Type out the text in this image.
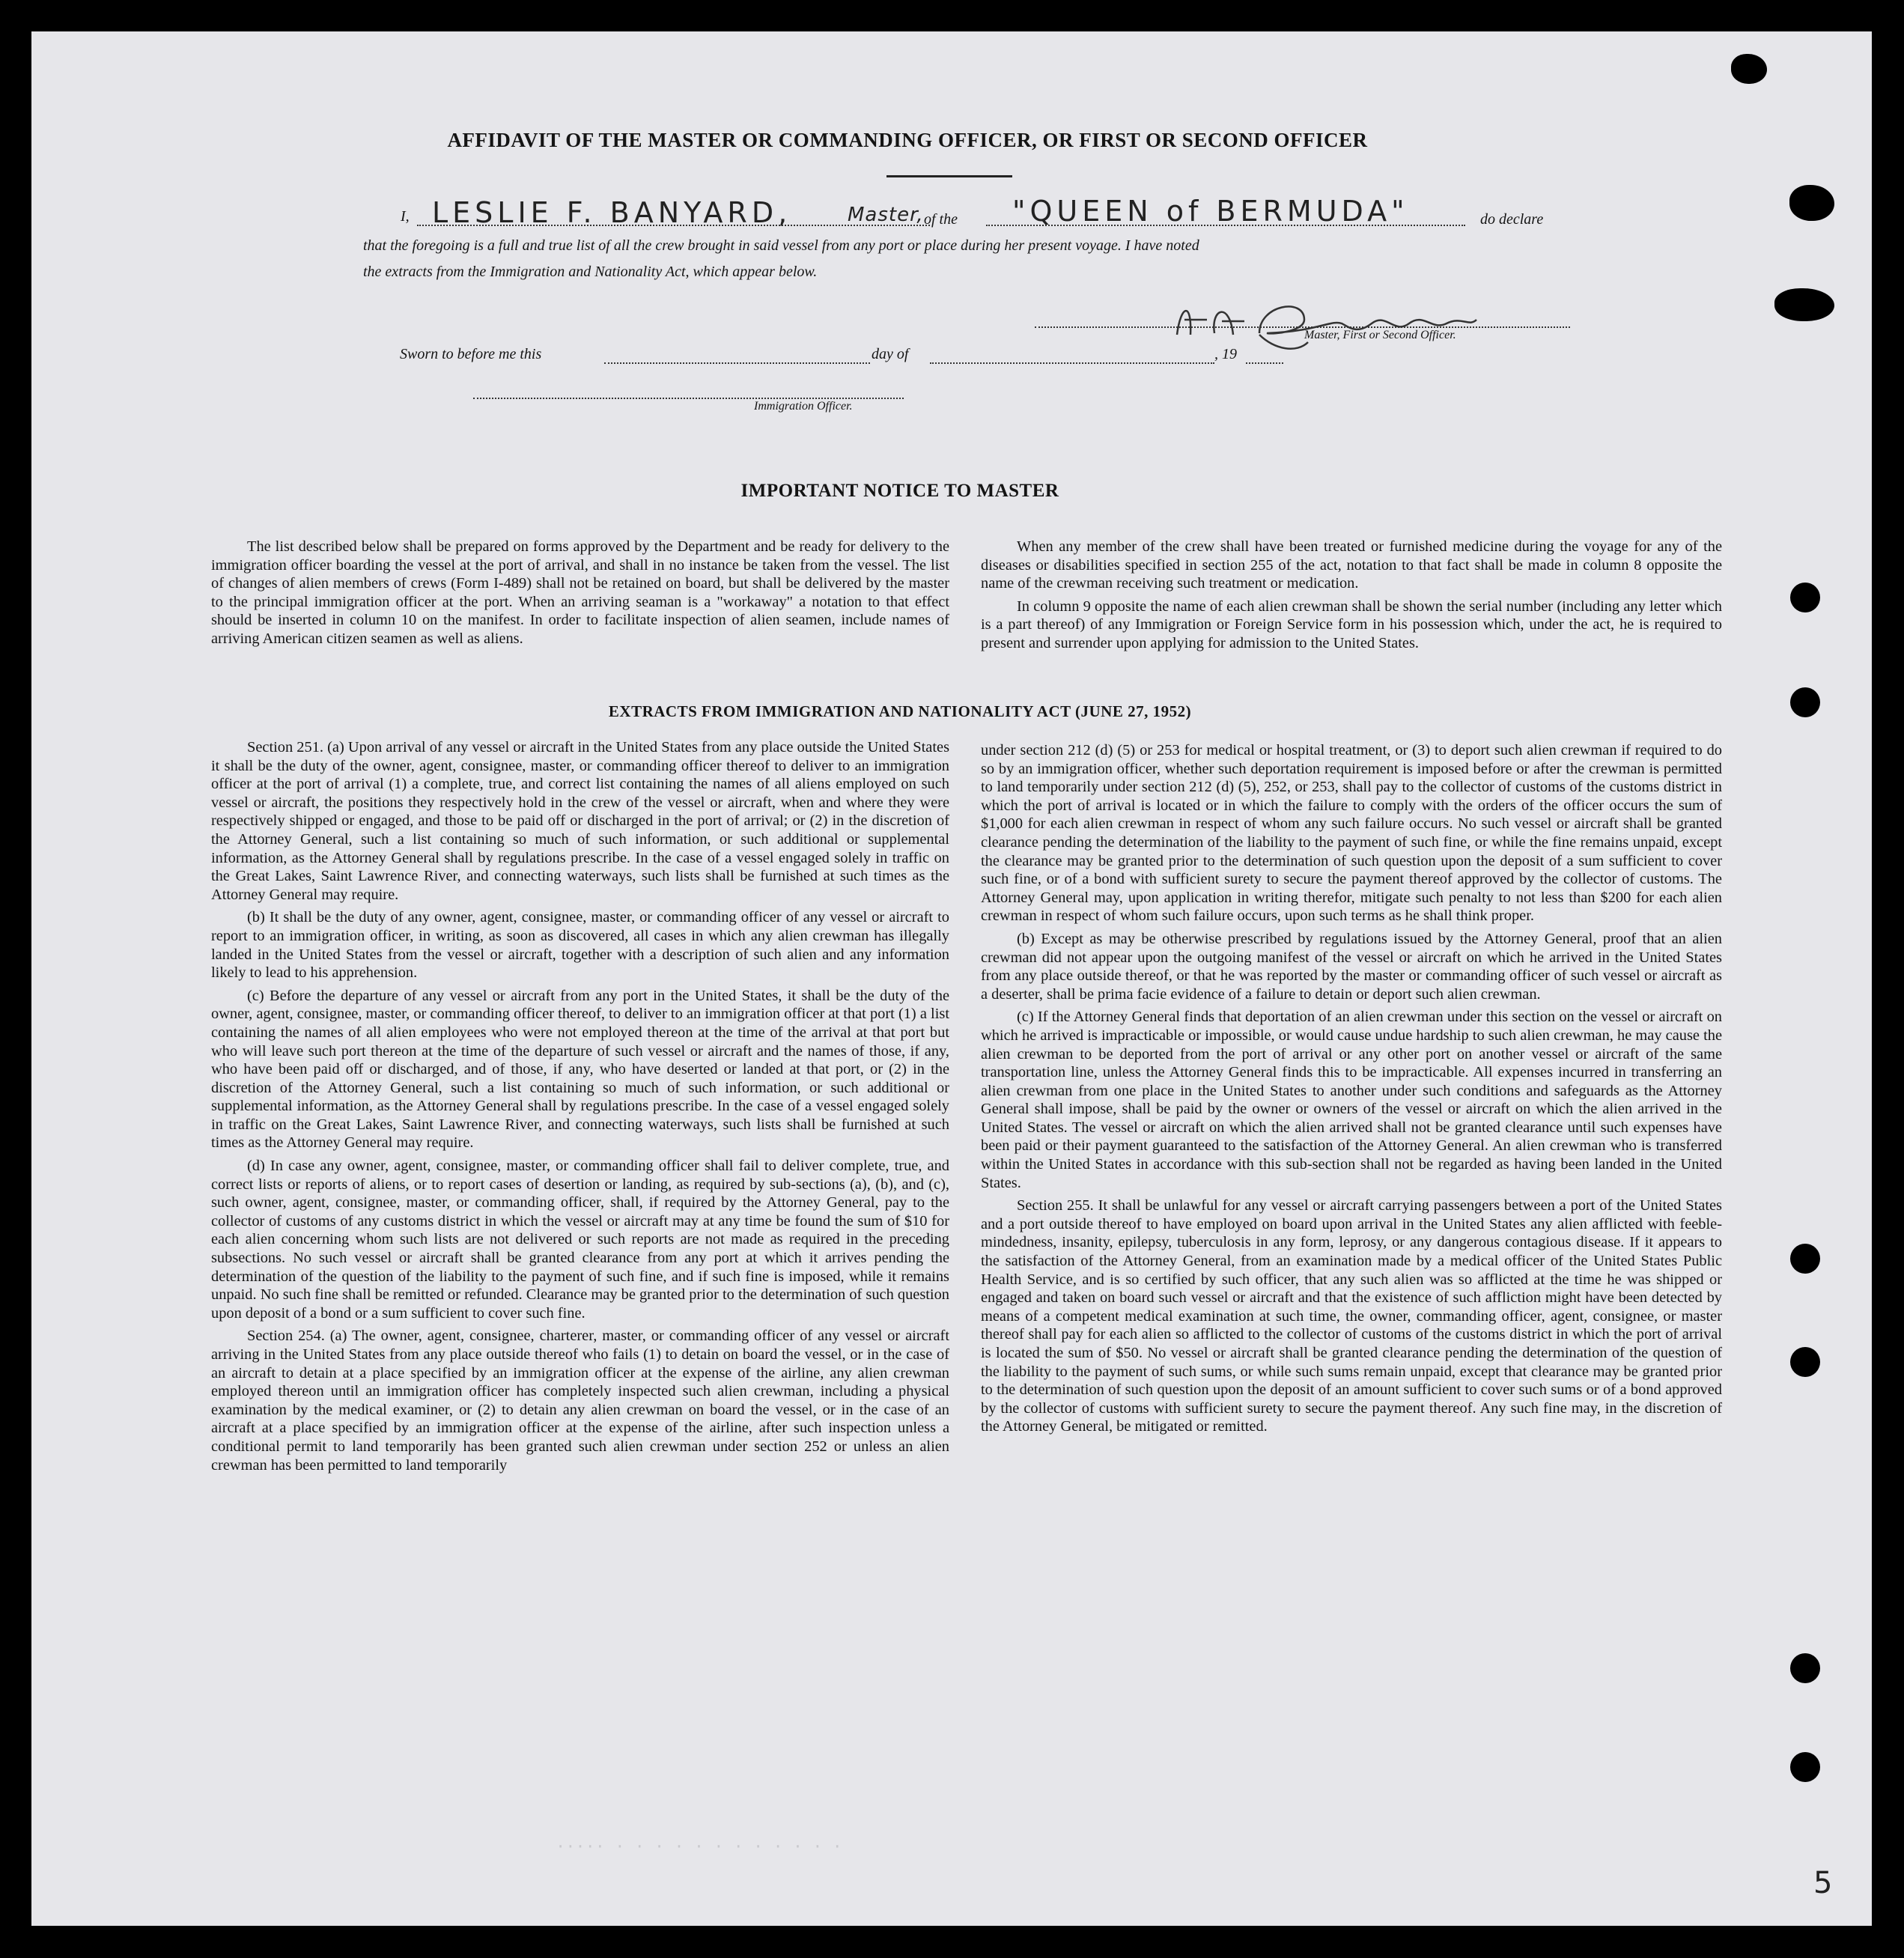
····· · · · · · · · · · · · ·
AFFIDAVIT OF THE MASTER OR COMMANDING OFFICER, OR FIRST OR SECOND OFFICER
I, LESLIE F. BANYARD,	Master, of the "QUEEN of BERMUDA"	do declare
that the foregoing is a full and true list of all the crew brought in said vessel from any port or place during her present voyage. I have noted
the extracts from the Immigration and Nationality Act, which appear below.
Master, First or Second Officer.
Sworn to before me this	day of	, 19
Immigration Officer.
IMPORTANT NOTICE TO MASTER

The list described below shall be prepared on forms approved by the Department and be ready for delivery to the immigration officer boarding the vessel at the port of arrival, and shall in no instance be taken from the vessel. The list of changes of alien members of crews (Form I-489) shall not be retained on board, but shall be delivered by the master to the principal immigration officer at the port. When an arriving seaman is a "workaway" a notation to that effect should be inserted in column 10 on the manifest. In order to facilitate inspection of alien seamen, include names of arriving American citizen seamen as well as aliens.

When any member of the crew shall have been treated or furnished medicine during the voyage for any of the diseases or disabilities specified in section 255 of the act, notation to that fact shall be made in column 8 opposite the name of the crewman receiving such treatment or medication.

In column 9 opposite the name of each alien crewman shall be shown the serial number (including any letter which is a part thereof) of any Immigration or Foreign Service form in his possession which, under the act, he is required to present and surrender upon applying for admission to the United States.

EXTRACTS FROM IMMIGRATION AND NATIONALITY ACT (JUNE 27, 1952)

Section 251. (a) Upon arrival of any vessel or aircraft in the United States from any place outside the United States it shall be the duty of the owner, agent, consignee, master, or commanding officer thereof to deliver to an immigration officer at the port of arrival (1) a complete, true, and correct list containing the names of all aliens employed on such vessel or aircraft, the positions they respectively hold in the crew of the vessel or aircraft, when and where they were respectively shipped or engaged, and those to be paid off or discharged in the port of arrival; or (2) in the discretion of the Attorney General, such a list containing so much of such information, or such additional or supplemental information, as the Attorney General shall by regulations prescribe. In the case of a vessel engaged solely in traffic on the Great Lakes, Saint Lawrence River, and connecting waterways, such lists shall be furnished at such times as the Attorney General may require.

(b) It shall be the duty of any owner, agent, consignee, master, or commanding officer of any vessel or aircraft to report to an immigration officer, in writing, as soon as discovered, all cases in which any alien crewman has illegally landed in the United States from the vessel or aircraft, together with a description of such alien and any information likely to lead to his apprehension.

(c) Before the departure of any vessel or aircraft from any port in the United States, it shall be the duty of the owner, agent, consignee, master, or commanding officer thereof, to deliver to an immigration officer at that port (1) a list containing the names of all alien employees who were not employed thereon at the time of the arrival at that port but who will leave such port thereon at the time of the departure of such vessel or aircraft and the names of those, if any, who have been paid off or discharged, and of those, if any, who have deserted or landed at that port, or (2) in the discretion of the Attorney General, such a list containing so much of such information, or such additional or supplemental information, as the Attorney General shall by regulations prescribe. In the case of a vessel engaged solely in traffic on the Great Lakes, Saint Lawrence River, and connecting waterways, such lists shall be furnished at such times as the Attorney General may require.

(d) In case any owner, agent, consignee, master, or commanding officer shall fail to deliver complete, true, and correct lists or reports of aliens, or to report cases of desertion or landing, as required by sub-sections (a), (b), and (c), such owner, agent, consignee, master, or commanding officer, shall, if required by the Attorney General, pay to the collector of customs of any customs district in which the vessel or aircraft may at any time be found the sum of $10 for each alien concerning whom such lists are not delivered or such reports are not made as required in the preceding subsections. No such vessel or aircraft shall be granted clearance from any port at which it arrives pending the determination of the question of the liability to the payment of such fine, and if such fine is imposed, while it remains unpaid. No such fine shall be remitted or refunded. Clearance may be granted prior to the determination of such question upon deposit of a bond or a sum sufficient to cover such fine.

Section 254. (a) The owner, agent, consignee, charterer, master, or commanding officer of any vessel or aircraft arriving in the United States from any place outside thereof who fails (1) to detain on board the vessel, or in the case of an aircraft to detain at a place specified by an immigration officer at the expense of the airline, any alien crewman employed thereon until an immigration officer has completely inspected such alien crewman, including a physical examination by the medical examiner, or (2) to detain any alien crewman on board the vessel, or in the case of an aircraft at a place specified by an immigration officer at the expense of the airline, after such inspection unless a conditional permit to land temporarily has been granted such alien crewman under section 252 or unless an alien crewman has been permitted to land temporarily

under section 212 (d) (5) or 253 for medical or hospital treatment, or (3) to deport such alien crewman if required to do so by an immigration officer, whether such deportation requirement is imposed before or after the crewman is permitted to land temporarily under section 212 (d) (5), 252, or 253, shall pay to the collector of customs of the customs district in which the port of arrival is located or in which the failure to comply with the orders of the officer occurs the sum of $1,000 for each alien crewman in respect of whom any such failure occurs. No such vessel or aircraft shall be granted clearance pending the determination of the liability to the payment of such fine, or while the fine remains unpaid, except the clearance may be granted prior to the determination of such question upon the deposit of a sum sufficient to cover such fine, or of a bond with sufficient surety to secure the payment thereof approved by the collector of customs. The Attorney General may, upon application in writing therefor, mitigate such penalty to not less than $200 for each alien crewman in respect of whom such failure occurs, upon such terms as he shall think proper.

(b) Except as may be otherwise prescribed by regulations issued by the Attorney General, proof that an alien crewman did not appear upon the outgoing manifest of the vessel or aircraft on which he arrived in the United States from any place outside thereof, or that he was reported by the master or commanding officer of such vessel or aircraft as a deserter, shall be prima facie evidence of a failure to detain or deport such alien crewman.

(c) If the Attorney General finds that deportation of an alien crewman under this section on the vessel or aircraft on which he arrived is impracticable or impossible, or would cause undue hardship to such alien crewman, he may cause the alien crewman to be deported from the port of arrival or any other port on another vessel or aircraft of the same transportation line, unless the Attorney General finds this to be impracticable. All expenses incurred in transferring an alien crewman from one place in the United States to another under such conditions and safeguards as the Attorney General shall impose, shall be paid by the owner or owners of the vessel or aircraft on which the alien arrived in the United States. The vessel or aircraft on which the alien arrived shall not be granted clearance until such expenses have been paid or their payment guaranteed to the satisfaction of the Attorney General. An alien crewman who is transferred within the United States in accordance with this sub-section shall not be regarded as having been landed in the United States.

Section 255. It shall be unlawful for any vessel or aircraft carrying passengers between a port of the United States and a port outside thereof to have employed on board upon arrival in the United States any alien afflicted with feeble-mindedness, insanity, epilepsy, tuberculosis in any form, leprosy, or any dangerous contagious disease. If it appears to the satisfaction of the Attorney General, from an examination made by a medical officer of the United States Public Health Service, and is so certified by such officer, that any such alien was so afflicted at the time he was shipped or engaged and taken on board such vessel or aircraft and that the existence of such affliction might have been detected by means of a competent medical examination at such time, the owner, commanding officer, agent, consignee, or master thereof shall pay for each alien so afflicted to the collector of customs of the customs district in which the port of arrival is located the sum of $50. No vessel or aircraft shall be granted clearance pending the determination of the question of the liability to the payment of such sums, or while such sums remain unpaid, except that clearance may be granted prior to the determination of such question upon the deposit of an amount sufficient to cover such sums or of a bond approved by the collector of customs with sufficient surety to secure the payment thereof. Any such fine may, in the discretion of the Attorney General, be mitigated or remitted.

5
